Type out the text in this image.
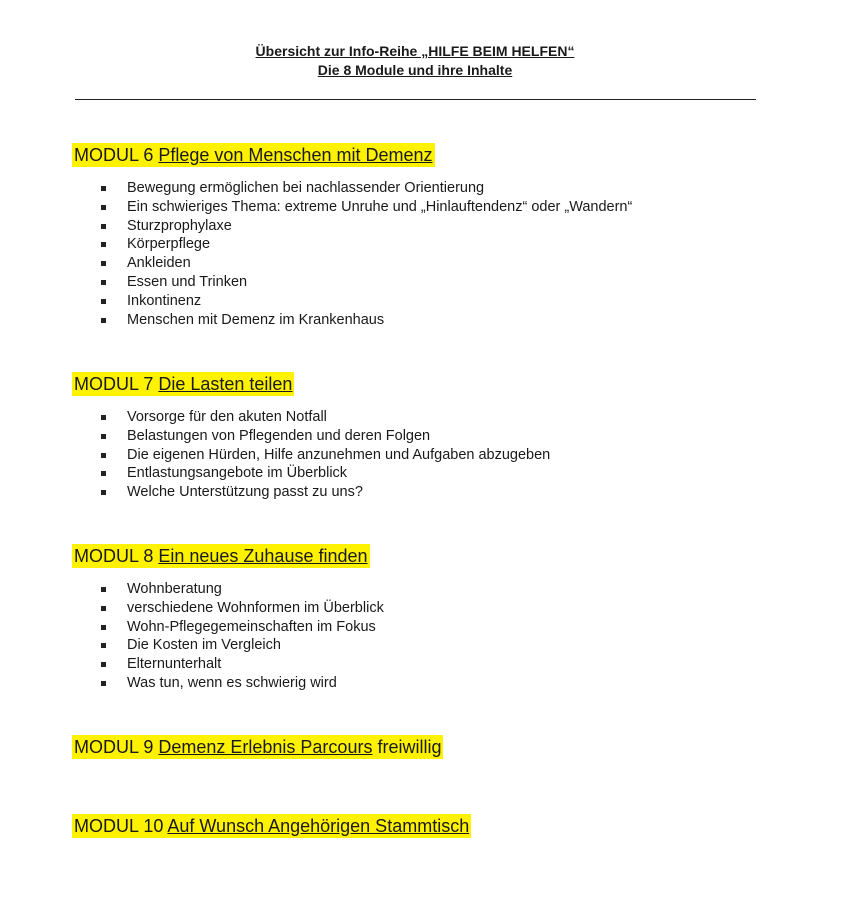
Übersicht zur Info-Reihe „HILFE BEIM HELFEN“
Die 8 Module und ihre Inhalte
MODUL 6 Pflege von Menschen mit Demenz
Bewegung ermöglichen bei nachlassender Orientierung
Ein schwieriges Thema: extreme Unruhe und „Hinlauftendenz“ oder „Wandern“
Sturzprophylaxe
Körperpflege
Ankleiden
Essen und Trinken
Inkontinenz
Menschen mit Demenz im Krankenhaus
MODUL 7 Die Lasten teilen
Vorsorge für den akuten Notfall
Belastungen von Pflegenden und deren Folgen
Die eigenen Hürden, Hilfe anzunehmen und Aufgaben abzugeben
Entlastungsangebote im Überblick
Welche Unterstützung passt zu uns?
MODUL 8 Ein neues Zuhause finden
Wohnberatung
verschiedene Wohnformen im Überblick
Wohn-Pflegegemeinschaften im Fokus
Die Kosten im Vergleich
Elternunterhalt
Was tun, wenn es schwierig wird
MODUL 9 Demenz Erlebnis Parcours freiwillig
MODUL 10 Auf Wunsch Angehörigen Stammtisch
